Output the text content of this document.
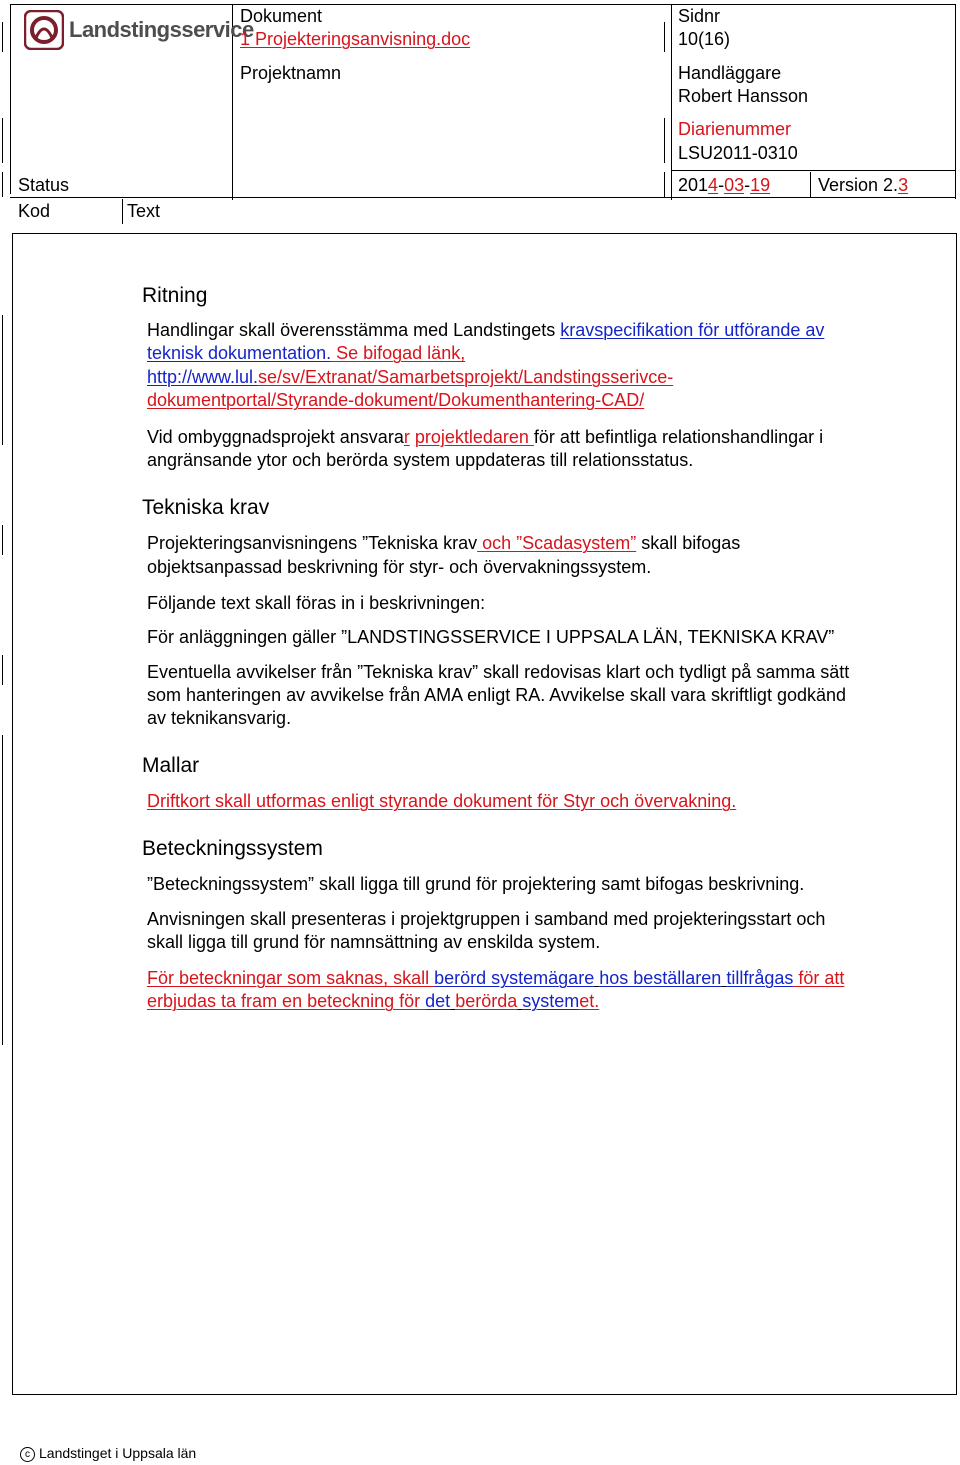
Landstingsservice
Dokument
1 Projekteringsanvisning.doc
Projektnamn
Sidnr
10(16)
Handläggare
Robert Hansson
Diarienummer
LSU2011-0310
Status	2014-03-19	Version 2.3
Kod	Text
Ritning
Handlingar skall överensstämma med Landstingets kravspecifikation för utförande av
teknisk dokumentation. Se bifogad länk,
http://www.lul.se/sv/Extranat/Samarbetsprojekt/Landstingsserivce-
dokumentportal/Styrande-dokument/Dokumenthantering-CAD/
Vid ombyggnadsprojekt ansvarar projektledaren för att befintliga relationshandlingar i
angränsande ytor och berörda system uppdateras till relationsstatus.
Tekniska krav
Projekteringsanvisningens ”Tekniska krav och ”Scadasystem” skall bifogas
objektsanpassad beskrivning för styr- och övervakningssystem.
Följande text skall föras in i beskrivningen:
För anläggningen gäller ”LANDSTINGSSERVICE I UPPSALA LÄN, TEKNISKA KRAV”
Eventuella avvikelser från ”Tekniska krav” skall redovisas klart och tydligt på samma sätt
som hanteringen av avvikelse från AMA enligt RA. Avvikelse skall vara skriftligt godkänd
av teknikansvarig.
Mallar
Driftkort skall utformas enligt styrande dokument för Styr och övervakning.
Beteckningssystem
”Beteckningssystem” skall ligga till grund för projektering samt bifogas beskrivning.
Anvisningen skall presenteras i projektgruppen i samband med projekteringsstart och
skall ligga till grund för namnsättning av enskilda system.
För beteckningar som saknas, skall berörd systemägare hos beställaren tillfrågas för att
erbjudas ta fram en beteckning för det berörda systemet.
c Landstinget i Uppsala län
